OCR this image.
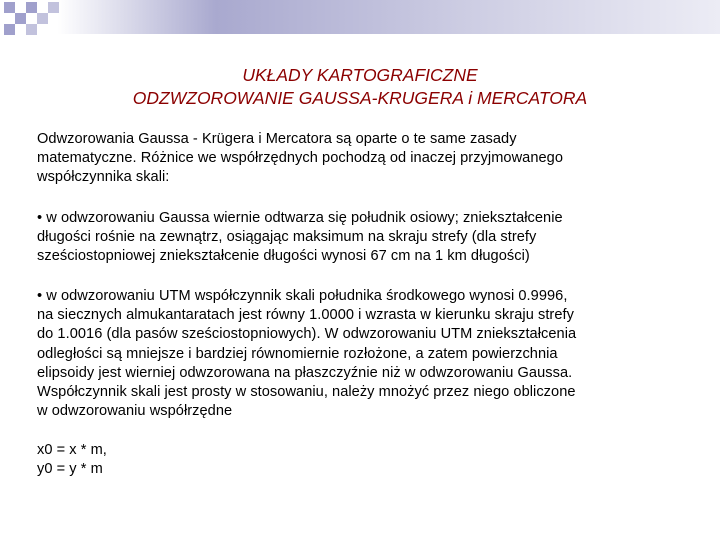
UKŁADY KARTOGRAFICZNE
ODZWZOROWANIE GAUSSA-KRUGERA i MERCATORA

Odwzorowania Gaussa - Krügera i Mercatora są oparte o te same zasady
matematyczne. Różnice we współrzędnych pochodzą od inaczej przyjmowanego
współczynnika skali:

• w odwzorowaniu Gaussa wiernie odtwarza się południk osiowy; zniekształcenie
długości rośnie na zewnątrz, osiągając maksimum na skraju strefy (dla strefy
sześciostopniowej zniekształcenie długości wynosi 67 cm na 1 km długości)

• w odwzorowaniu UTM współczynnik skali południka środkowego wynosi 0.9996,
na siecznych almukantaratach jest równy 1.0000 i wzrasta w kierunku skraju strefy
do 1.0016 (dla pasów sześciostopniowych). W odwzorowaniu UTM zniekształcenia
odległości są mniejsze i bardziej równomiernie rozłożone, a zatem powierzchnia
elipsoidy jest wierniej odwzorowana na płaszczyźnie niż w odwzorowaniu Gaussa.
Współczynnik skali jest prosty w stosowaniu, należy mnożyć przez niego obliczone
w odwzorowaniu współrzędne

x0 = x * m,
y0 = y * m
